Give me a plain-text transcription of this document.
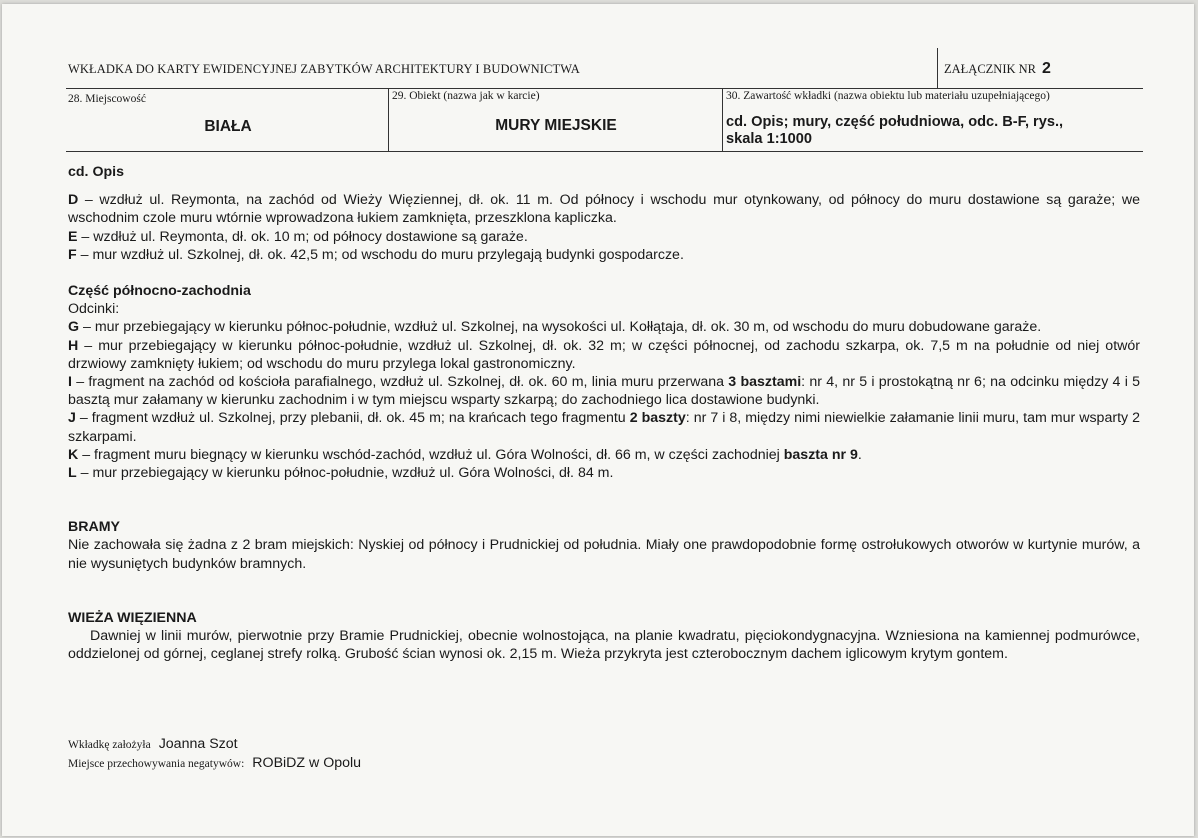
WKŁADKA DO KARTY EWIDENCYJNEJ ZABYTKÓW ARCHITEKTURY I BUDOWNICTWA	ZAŁĄCZNIK NR 2
28. Miejscowość
BIAŁA
29. Obiekt (nazwa jak w karcie)
MURY MIEJSKIE
30. Zawartość wkładki (nazwa obiektu lub materiału uzupełniającego)
cd. Opis; mury, część południowa, odc. B-F, rys.,
skala 1:1000

cd. Opis

D – wzdłuż ul. Reymonta, na zachód od Wieży Więziennej, dł. ok. 11 m. Od północy i wschodu mur otynkowany, od północy do muru dostawione są garaże; we wschodnim czole muru wtórnie wprowadzona łukiem zamknięta, przeszklona kapliczka.

E – wzdłuż ul. Reymonta, dł. ok. 10 m; od północy dostawione są garaże.

F – mur wzdłuż ul. Szkolnej, dł. ok. 42,5 m; od wschodu do muru przylegają budynki gospodarcze.

Część północno-zachodnia

Odcinki:

G – mur przebiegający w kierunku północ-południe, wzdłuż ul. Szkolnej, na wysokości ul. Kołłątaja, dł. ok. 30 m, od wschodu do muru dobudowane garaże.

H – mur przebiegający w kierunku północ-południe, wzdłuż ul. Szkolnej, dł. ok. 32 m; w części północnej, od zachodu szkarpa, ok. 7,5 m na południe od niej otwór drzwiowy zamknięty łukiem; od wschodu do muru przylega lokal gastronomiczny.

I – fragment na zachód od kościoła parafialnego, wzdłuż ul. Szkolnej, dł. ok. 60 m, linia muru przerwana 3 basztami: nr 4, nr 5 i prostokątną nr 6; na odcinku między 4 i 5 basztą mur załamany w kierunku zachodnim i w tym miejscu wsparty szkarpą; do zachodniego lica dostawione budynki.

J – fragment wzdłuż ul. Szkolnej, przy plebanii, dł. ok. 45 m; na krańcach tego fragmentu 2 baszty: nr 7 i 8, między nimi niewielkie załamanie linii muru, tam mur wsparty 2 szkarpami.

K – fragment muru biegnący w kierunku wschód-zachód, wzdłuż ul. Góra Wolności, dł. 66 m, w części zachodniej baszta nr 9.

L – mur przebiegający w kierunku północ-południe, wzdłuż ul. Góra Wolności, dł. 84 m.

BRAMY

Nie zachowała się żadna z 2 bram miejskich: Nyskiej od północy i Prudnickiej od południa. Miały one prawdopodobnie formę ostrołukowych otworów w kurtynie murów, a nie wysuniętych budynków bramnych.

WIEŻA WIĘZIENNA

Dawniej w linii murów, pierwotnie przy Bramie Prudnickiej, obecnie wolnostojąca, na planie kwadratu, pięciokondygnacyjna. Wzniesiona na kamiennej podmurówce, oddzielonej od górnej, ceglanej strefy rolką. Grubość ścian wynosi ok. 2,15 m. Wieża przykryta jest czterobocznym dachem iglicowym krytym gontem.

Wkładkę założyła Joanna Szot
Miejsce przechowywania negatywów: ROBiDZ w Opolu
